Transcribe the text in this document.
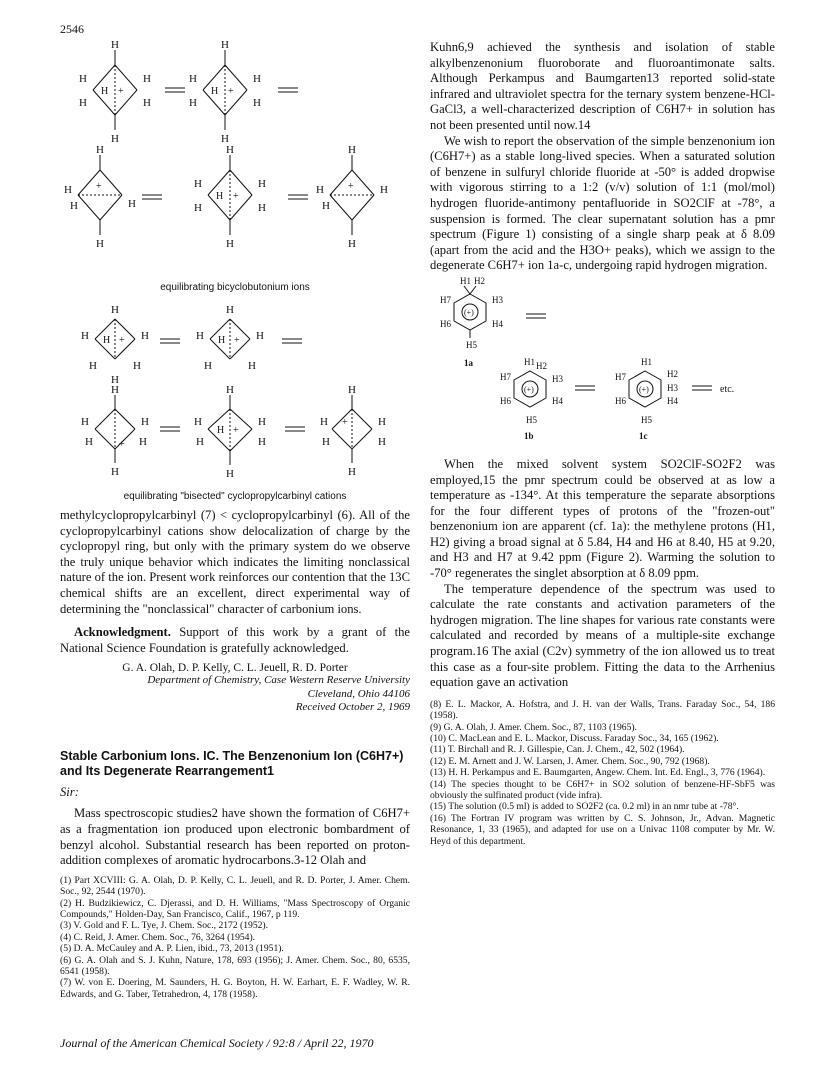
2546
H
H	H
H	H
H
H +
H
H	H
H	H
H
H +
H
H
H
H
H
+
H
H	H
H	H
H
H +
H
H	H
H
H
+
equilibrating bicyclobutonium ions
H
H	H
H	H
H
H +
H
H	H
H	H
H +
H
H	H
H	H
H
+
H
H	H
H	H
H
H +
H
H	H
H	H
H
+
equilibrating "bisected" cyclopropylcarbinyl cations
methylcyclopropylcarbinyl (7) < cyclopropylcarbinyl (6). All of the cyclopropylcarbinyl cations show delocalization of charge by the cyclopropyl ring, but only with the primary system do we observe the truly unique behavior which indicates the limiting nonclassical nature of the ion. Present work reinforces our contention that the 13C chemical shifts are an excellent, direct experimental way of determining the "nonclassical" character of carbonium ions.
Acknowledgment. Support of this work by a grant of the National Science Foundation is gratefully acknowledged.
G. A. Olah, D. P. Kelly, C. L. Jeuell, R. D. Porter
Department of Chemistry, Case Western Reserve University
Cleveland, Ohio 44106
Received October 2, 1969
Stable Carbonium Ions. IC. The Benzenonium Ion (C6H7+) and Its Degenerate Rearrangement1
Sir:
Mass spectroscopic studies2 have shown the formation of C6H7+ as a fragmentation ion produced upon electronic bombardment of benzyl alcohol. Substantial research has been reported on proton-addition complexes of aromatic hydrocarbons.3-12 Olah and
(1) Part XCVIII: G. A. Olah, D. P. Kelly, C. L. Jeuell, and R. D. Porter, J. Amer. Chem. Soc., 92, 2544 (1970).
(2) H. Budzikiewicz, C. Djerassi, and D. H. Williams, "Mass Spectroscopy of Organic Compounds," Holden-Day, San Francisco, Calif., 1967, p 119.
(3) V. Gold and F. L. Tye, J. Chem. Soc., 2172 (1952).
(4) C. Reid, J. Amer. Chem. Soc., 76, 3264 (1954).
(5) D. A. McCauley and A. P. Lien, ibid., 73, 2013 (1951).
(6) G. A. Olah and S. J. Kuhn, Nature, 178, 693 (1956); J. Amer. Chem. Soc., 80, 6535, 6541 (1958).
(7) W. von E. Doering, M. Saunders, H. G. Boyton, H. W. Earhart, E. F. Wadley, W. R. Edwards, and G. Taber, Tetrahedron, 4, 178 (1958).
Kuhn6,9 achieved the synthesis and isolation of stable alkylbenzenonium fluoroborate and fluoroantimonate salts. Although Perkampus and Baumgarten13 reported solid-state infrared and ultraviolet spectra for the ternary system benzene-HCl-GaCl3, a well-characterized description of C6H7+ in solution has not been presented until now.14
We wish to report the observation of the simple benzenonium ion (C6H7+) as a stable long-lived species. When a saturated solution of benzene in sulfuryl chloride fluoride at -50° is added dropwise with vigorous stirring to a 1:2 (v/v) solution of 1:1 (mol/mol) hydrogen fluoride-antimony pentafluoride in SO2ClF at -78°, a suspension is formed. The clear supernatant solution has a pmr spectrum (Figure 1) consisting of a single sharp peak at δ 8.09 (apart from the acid and the H3O+ peaks), which we assign to the degenerate C6H7+ ion 1a-c, undergoing rapid hydrogen migration.
H1 H2
H3
H4
H5
H6
H7
(+)
1a	H1 H2
H3
H4
H5
H6
H7
(+)
1b
H1
H2
H3
H4
H5
H6
H7
(+)
1c
etc.
When the mixed solvent system SO2ClF-SO2F2 was employed,15 the pmr spectrum could be observed at as low a temperature as -134°. At this temperature the separate absorptions for the four different types of protons of the "frozen-out" benzenonium ion are apparent (cf. 1a): the methylene protons (H1, H2) giving a broad signal at δ 5.84, H4 and H6 at 8.40, H5 at 9.20, and H3 and H7 at 9.42 ppm (Figure 2). Warming the solution to -70° regenerates the singlet absorption at δ 8.09 ppm.
The temperature dependence of the spectrum was used to calculate the rate constants and activation parameters of the hydrogen migration. The line shapes for various rate constants were calculated and recorded by means of a multiple-site exchange program.16 The axial (C2v) symmetry of the ion allowed us to treat this case as a four-site problem. Fitting the data to the Arrhenius equation gave an activation
(8) E. L. Mackor, A. Hofstra, and J. H. van der Walls, Trans. Faraday Soc., 54, 186 (1958).
(9) G. A. Olah, J. Amer. Chem. Soc., 87, 1103 (1965).
(10) C. MacLean and E. L. Mackor, Discuss. Faraday Soc., 34, 165 (1962).
(11) T. Birchall and R. J. Gillespie, Can. J. Chem., 42, 502 (1964).
(12) E. M. Arnett and J. W. Larsen, J. Amer. Chem. Soc., 90, 792 (1968).
(13) H. H. Perkampus and E. Baumgarten, Angew. Chem. Int. Ed. Engl., 3, 776 (1964).
(14) The species thought to be C6H7+ in SO2 solution of benzene-HF-SbF5 was obviously the sulfinated product (vide infra).
(15) The solution (0.5 ml) is added to SO2F2 (ca. 0.2 ml) in an nmr tube at -78°.
(16) The Fortran IV program was written by C. S. Johnson, Jr., Advan. Magnetic Resonance, 1, 33 (1965), and adapted for use on a Univac 1108 computer by Mr. W. Heyd of this department.
Journal of the American Chemical Society / 92:8 / April 22, 1970
